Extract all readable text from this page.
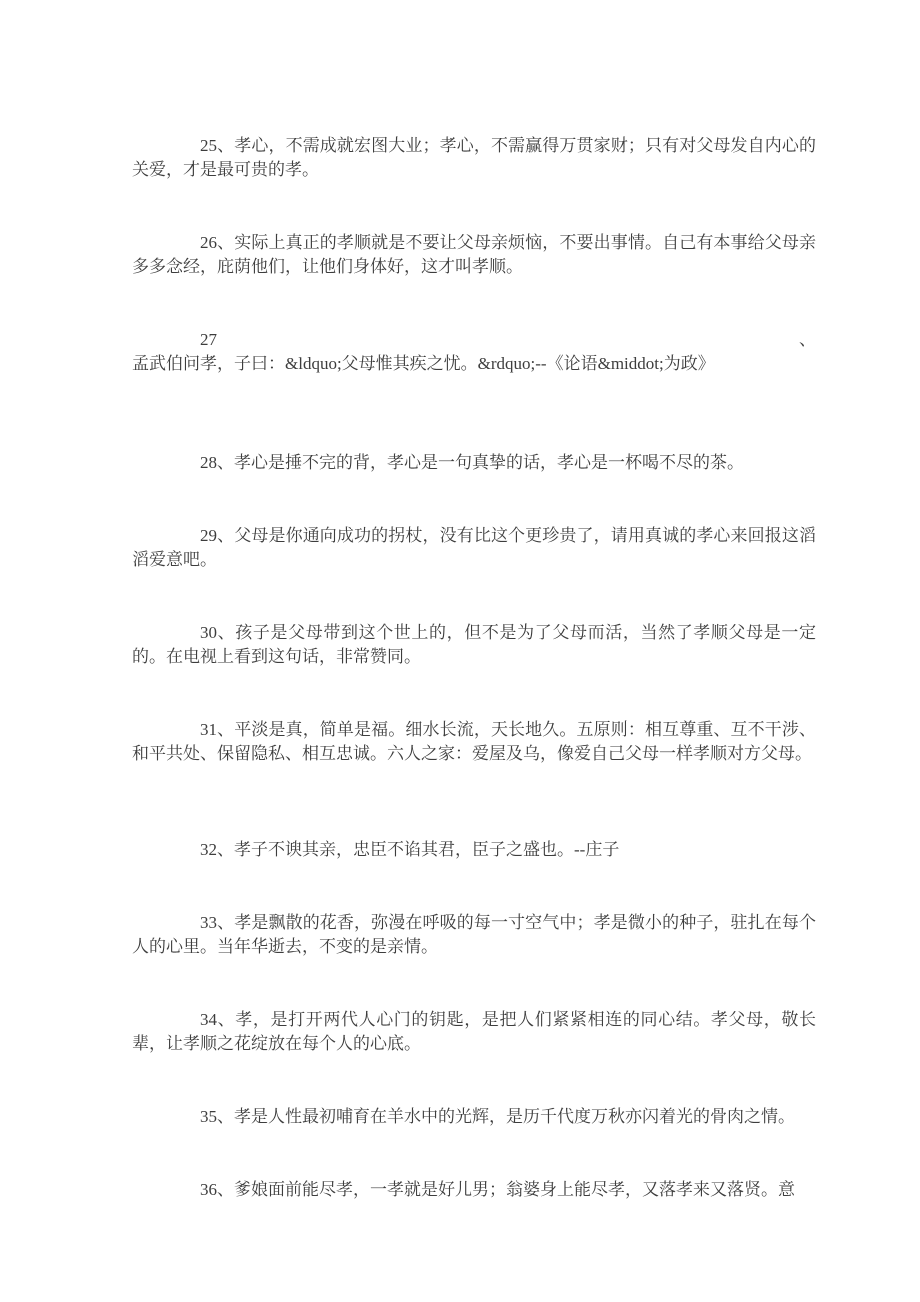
25、孝心，不需成就宏图大业；孝心，不需赢得万贯家财；只有对父母发自内心的关爱，才是最可贵的孝。

26、实际上真正的孝顺就是不要让父母亲烦恼，不要出事情。自己有本事给父母亲多多念经，庇荫他们，让他们身体好，这才叫孝顺。

27、孟武伯问孝，子曰：&ldquo;父母惟其疾之忧。&rdquo;--《论语&middot;为政》

28、孝心是捶不完的背，孝心是一句真挚的话，孝心是一杯喝不尽的茶。

29、父母是你通向成功的拐杖，没有比这个更珍贵了，请用真诚的孝心来回报这滔滔爱意吧。

30、孩子是父母带到这个世上的，但不是为了父母而活，当然了孝顺父母是一定的。在电视上看到这句话，非常赞同。

31、平淡是真，简单是福。细水长流，天长地久。五原则：相互尊重、互不干涉、和平共处、保留隐私、相互忠诚。六人之家：爱屋及乌，像爱自己父母一样孝顺对方父母。

32、孝子不谀其亲，忠臣不谄其君，臣子之盛也。--庄子

33、孝是飘散的花香，弥漫在呼吸的每一寸空气中；孝是微小的种子，驻扎在每个人的心里。当年华逝去，不变的是亲情。

34、孝，是打开两代人心门的钥匙，是把人们紧紧相连的同心结。孝父母，敬长辈，让孝顺之花绽放在每个人的心底。

35、孝是人性最初哺育在羊水中的光辉，是历千代度万秋亦闪着光的骨肉之情。

36、爹娘面前能尽孝，一孝就是好儿男；翁婆身上能尽孝，又落孝来又落贤。意
